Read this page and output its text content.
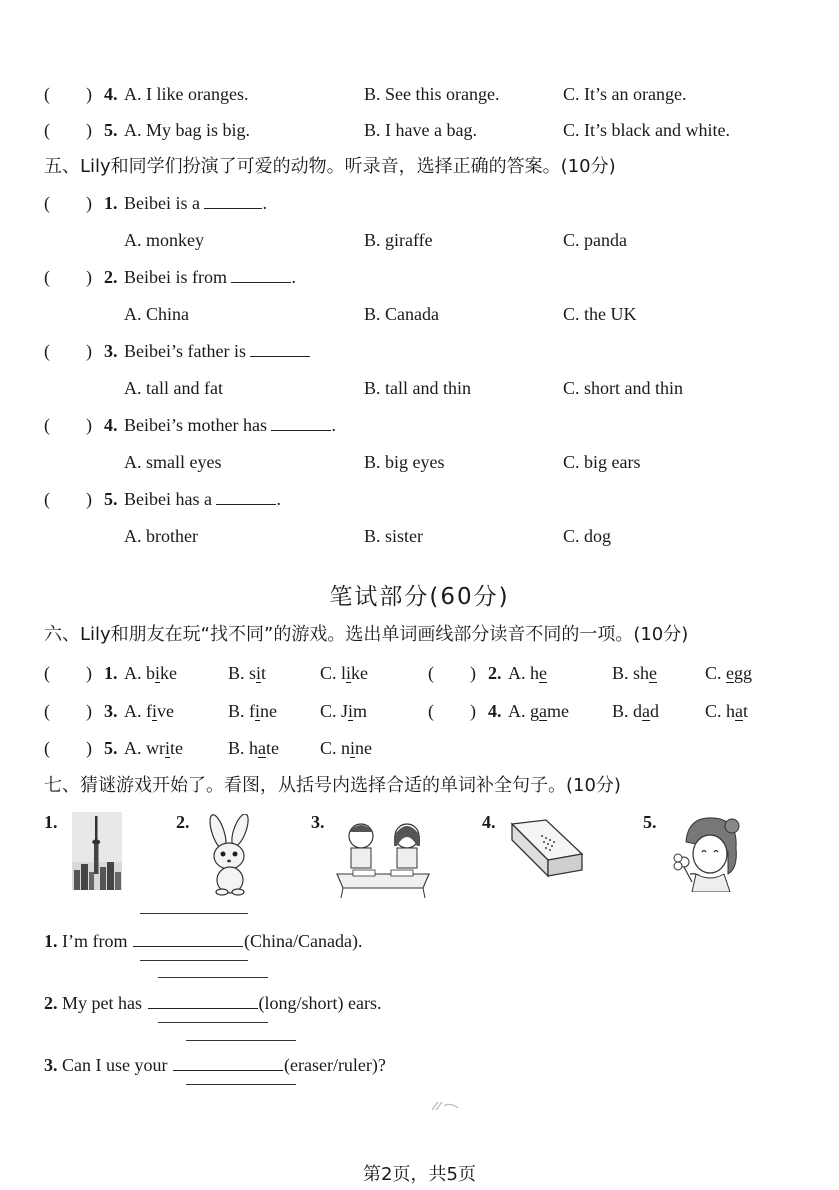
(        ) 4. A. I like oranges.	B. See this orange.	C. It’s an orange.
(        ) 5. A. My bag is big.	B. I have a bag.	C. It’s black and white.
五、Lily和同学们扮演了可爱的动物。听录音，选择正确的答案。(10分)
(        ) 1. Beibei is a	.
A. monkey	B. giraffe	C. panda
(        ) 2. Beibei is from	.
A. China	B. Canada	C. the UK
(        ) 3. Beibei’s father is
A. tall and fat	B. tall and thin	C. short and thin
(        ) 4. Beibei’s mother has	.
A. small eyes	B. big eyes	C. big ears
(        ) 5. Beibei has a	.
A. brother	B. sister	C. dog
笔试部分(60分)
六、Lily和朋友在玩“找不同”的游戏。选出单词画线部分读音不同的一项。(10分)
(        ) 1. A. bike	B. sit	C. like	(        ) 2. A. he	B. she	C. egg
(        ) 3. A. five	B. fine C. Jim	(        ) 4. A. game B. dad	C. hat
(        ) 5. A. write B. hate C. nine
七、猜谜游戏开始了。看图，从括号内选择合适的单词补全句子。(10分)
1.	2.	3.	4.	5.
1. I’m from	(China/Canada).
2. My pet has	(long/short) ears.
3. Can I use your	(eraser/ruler)?
第2页，共5页
